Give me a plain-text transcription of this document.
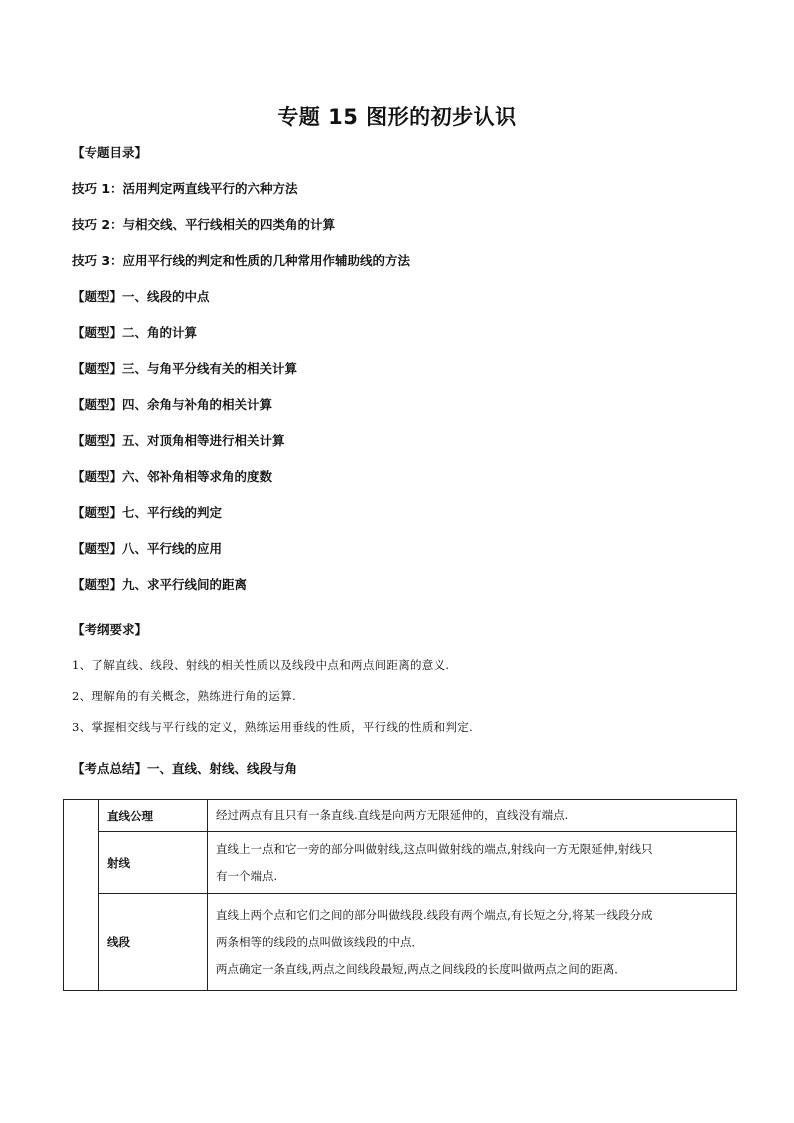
专题 15 图形的初步认识
【专题目录】
技巧 1：活用判定两直线平行的六种方法
技巧 2：与相交线、平行线相关的四类角的计算
技巧 3：应用平行线的判定和性质的几种常用作辅助线的方法
【题型】一、线段的中点
【题型】二、角的计算
【题型】三、与角平分线有关的相关计算
【题型】四、余角与补角的相关计算
【题型】五、对顶角相等进行相关计算
【题型】六、邻补角相等求角的度数
【题型】七、平行线的判定
【题型】八、平行线的应用
【题型】九、求平行线间的距离
【考纲要求】
1、了解直线、线段、射线的相关性质以及线段中点和两点间距离的意义.
2、理解角的有关概念，熟练进行角的运算.
3、掌握相交线与平行线的定义，熟练运用垂线的性质，平行线的性质和判定.
【考点总结】一、直线、射线、线段与角
	直线公理	经过两点有且只有一条直线.直线是向两方无限延伸的，直线没有端点.

	射线	直线上一点和它一旁的部分叫做射线,这点叫做射线的端点,射线向一方无限延伸,射线只
有一个端点.

	线段	直线上两个点和它们之间的部分叫做线段.线段有两个端点,有长短之分,将某一线段分成
两条相等的线段的点叫做该线段的中点．
两点确定一条直线,两点之间线段最短,两点之间线段的长度叫做两点之间的距离．
